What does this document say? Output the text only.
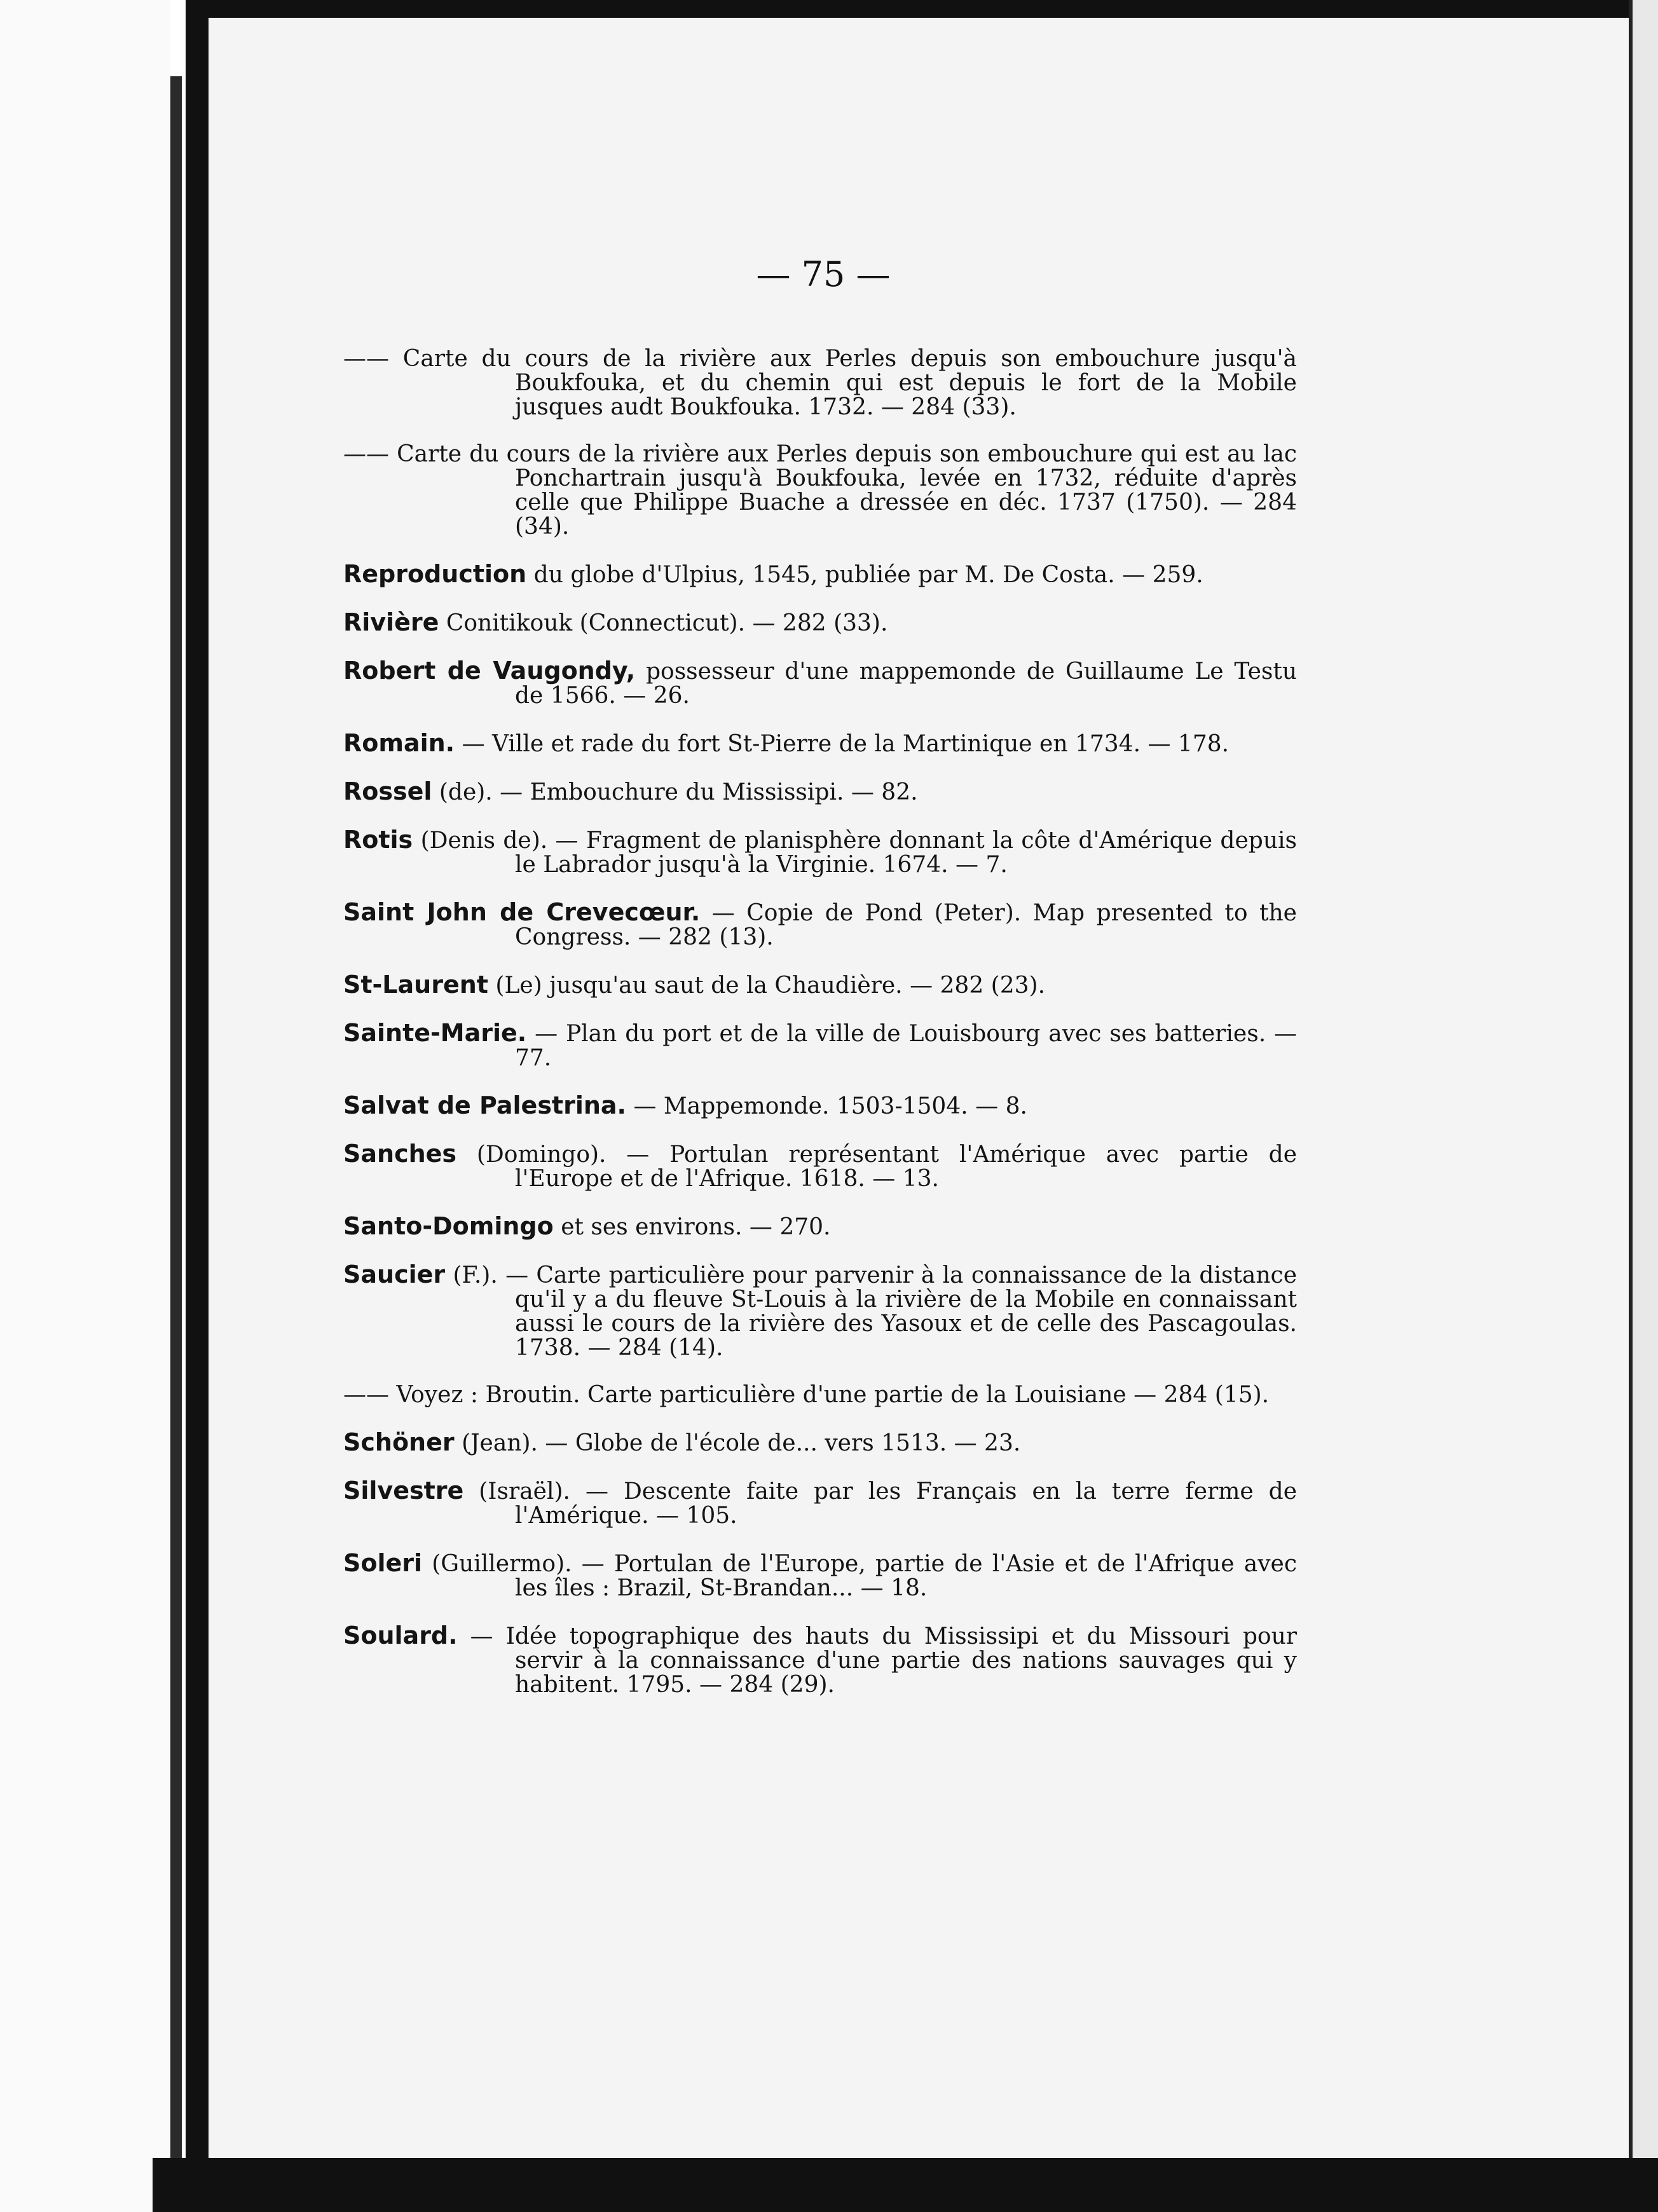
— 75 —

—— Carte du cours de la rivière aux Perles depuis son embouchure jusqu'à Boukfouka, et du chemin qui est depuis le fort de la Mobile jusques audt Boukfouka. 1732. — 284 (33).

—— Carte du cours de la rivière aux Perles depuis son embouchure qui est au lac Ponchartrain jusqu'à Boukfouka, levée en 1732, réduite d'après celle que Philippe Buache a dressée en déc. 1737 (1750). — 284 (34).

Reproduction du globe d'Ulpius, 1545, publiée par M. De Costa. — 259.

Rivière Conitikouk (Connecticut). — 282 (33).

Robert de Vaugondy, possesseur d'une mappemonde de Guillaume Le Testu de 1566. — 26.

Romain. — Ville et rade du fort St-Pierre de la Martinique en 1734. — 178.

Rossel (de). — Embouchure du Mississipi. — 82.

Rotis (Denis de). — Fragment de planisphère donnant la côte d'Amérique depuis le Labrador jusqu'à la Virginie. 1674. — 7.

Saint John de Crevecœur. — Copie de Pond (Peter). Map presented to the Congress. — 282 (13).

St-Laurent (Le) jusqu'au saut de la Chaudière. — 282 (23).

Sainte-Marie. — Plan du port et de la ville de Louisbourg avec ses batteries. — 77.

Salvat de Palestrina. — Mappemonde. 1503-1504. — 8.

Sanches (Domingo). — Portulan représentant l'Amérique avec partie de l'Europe et de l'Afrique. 1618. — 13.

Santo-Domingo et ses environs. — 270.

Saucier (F.). — Carte particulière pour parvenir à la connaissance de la distance qu'il y a du fleuve St-Louis à la rivière de la Mobile en connaissant aussi le cours de la rivière des Yasoux et de celle des Pascagoulas. 1738. — 284 (14).

—— Voyez : Broutin. Carte particulière d'une partie de la Louisiane — 284 (15).

Schöner (Jean). — Globe de l'école de... vers 1513. — 23.

Silvestre (Israël). — Descente faite par les Français en la terre ferme de l'Amérique. — 105.

Soleri (Guillermo). — Portulan de l'Europe, partie de l'Asie et de l'Afrique avec les îles : Brazil, St-Brandan... — 18.

Soulard. — Idée topographique des hauts du Mississipi et du Missouri pour servir à la connaissance d'une partie des nations sauvages qui y habitent. 1795. — 284 (29).
